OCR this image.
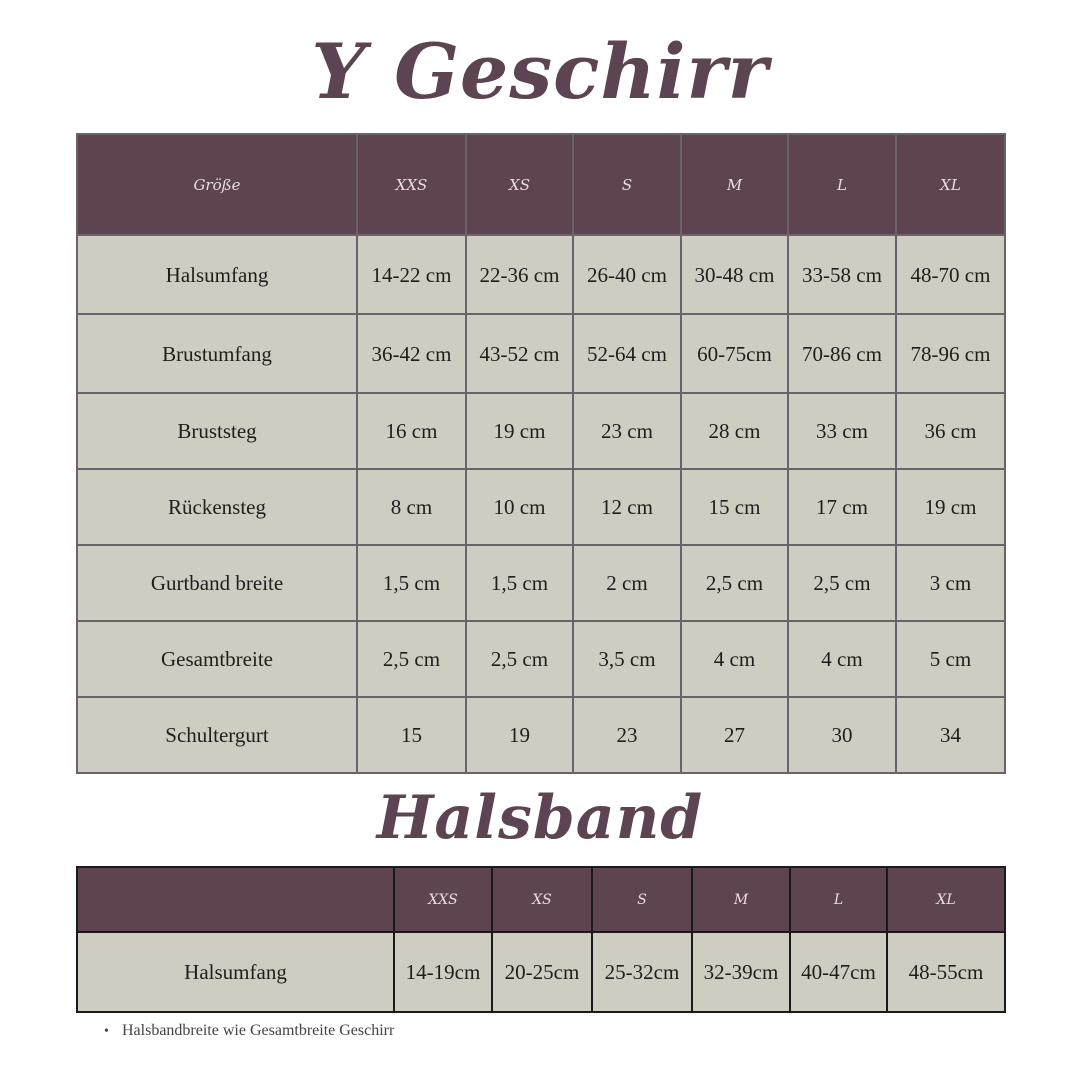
Y Geschirr
Größe	XXS	XS	S	M	L	XL
Halsumfang	14-22 cm	22-36 cm	26-40 cm	30-48 cm	33-58 cm	48-70 cm
Brustumfang	36-42 cm	43-52 cm	52-64 cm	60-75cm	70-86 cm	78-96 cm
Bruststeg	16 cm	19 cm	23 cm	28 cm	33 cm	36 cm
Rückensteg	8 cm	10 cm	12 cm	15 cm	17 cm	19 cm
Gurtband breite	1,5 cm	1,5 cm	2 cm	2,5 cm	2,5 cm	3 cm
Gesamtbreite	2,5 cm	2,5 cm	3,5 cm	4 cm	4 cm	5 cm
Schultergurt	15	19	23	27	30	34
Halsband
	XXS	XS	S	M	L	XL
Halsumfang	14-19cm	20-25cm	25-32cm	32-39cm	40-47cm	48-55cm
• Halsbandbreite wie Gesamtbreite Geschirr
